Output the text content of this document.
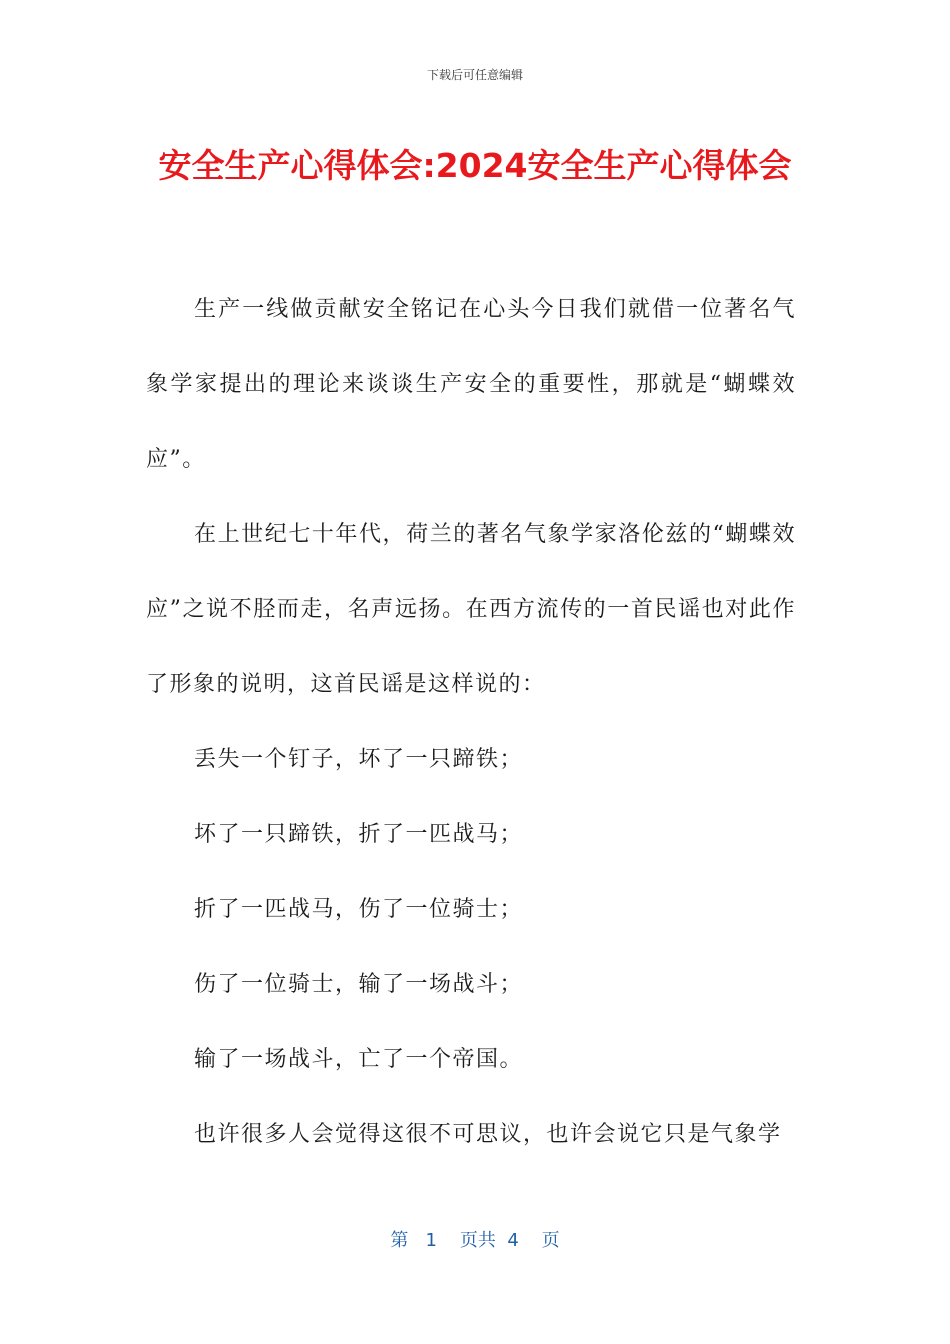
下载后可任意编辑
安全生产心得体会:2024安全生产心得体会

生产一线做贡献安全铭记在心头今日我们就借一位著名气象学家提出的理论来谈谈生产安全的重要性，那就是“蝴蝶效应”。

在上世纪七十年代，荷兰的著名气象学家洛伦兹的“蝴蝶效应”之说不胫而走，名声远扬。在西方流传的一首民谣也对此作了形象的说明，这首民谣是这样说的：

丢失一个钉子，坏了一只蹄铁；

坏了一只蹄铁，折了一匹战马；

折了一匹战马，伤了一位骑士；

伤了一位骑士，输了一场战斗；

输了一场战斗，亡了一个帝国。

也许很多人会觉得这很不可思议，也许会说它只是气象学

第 1 页共 4 页
